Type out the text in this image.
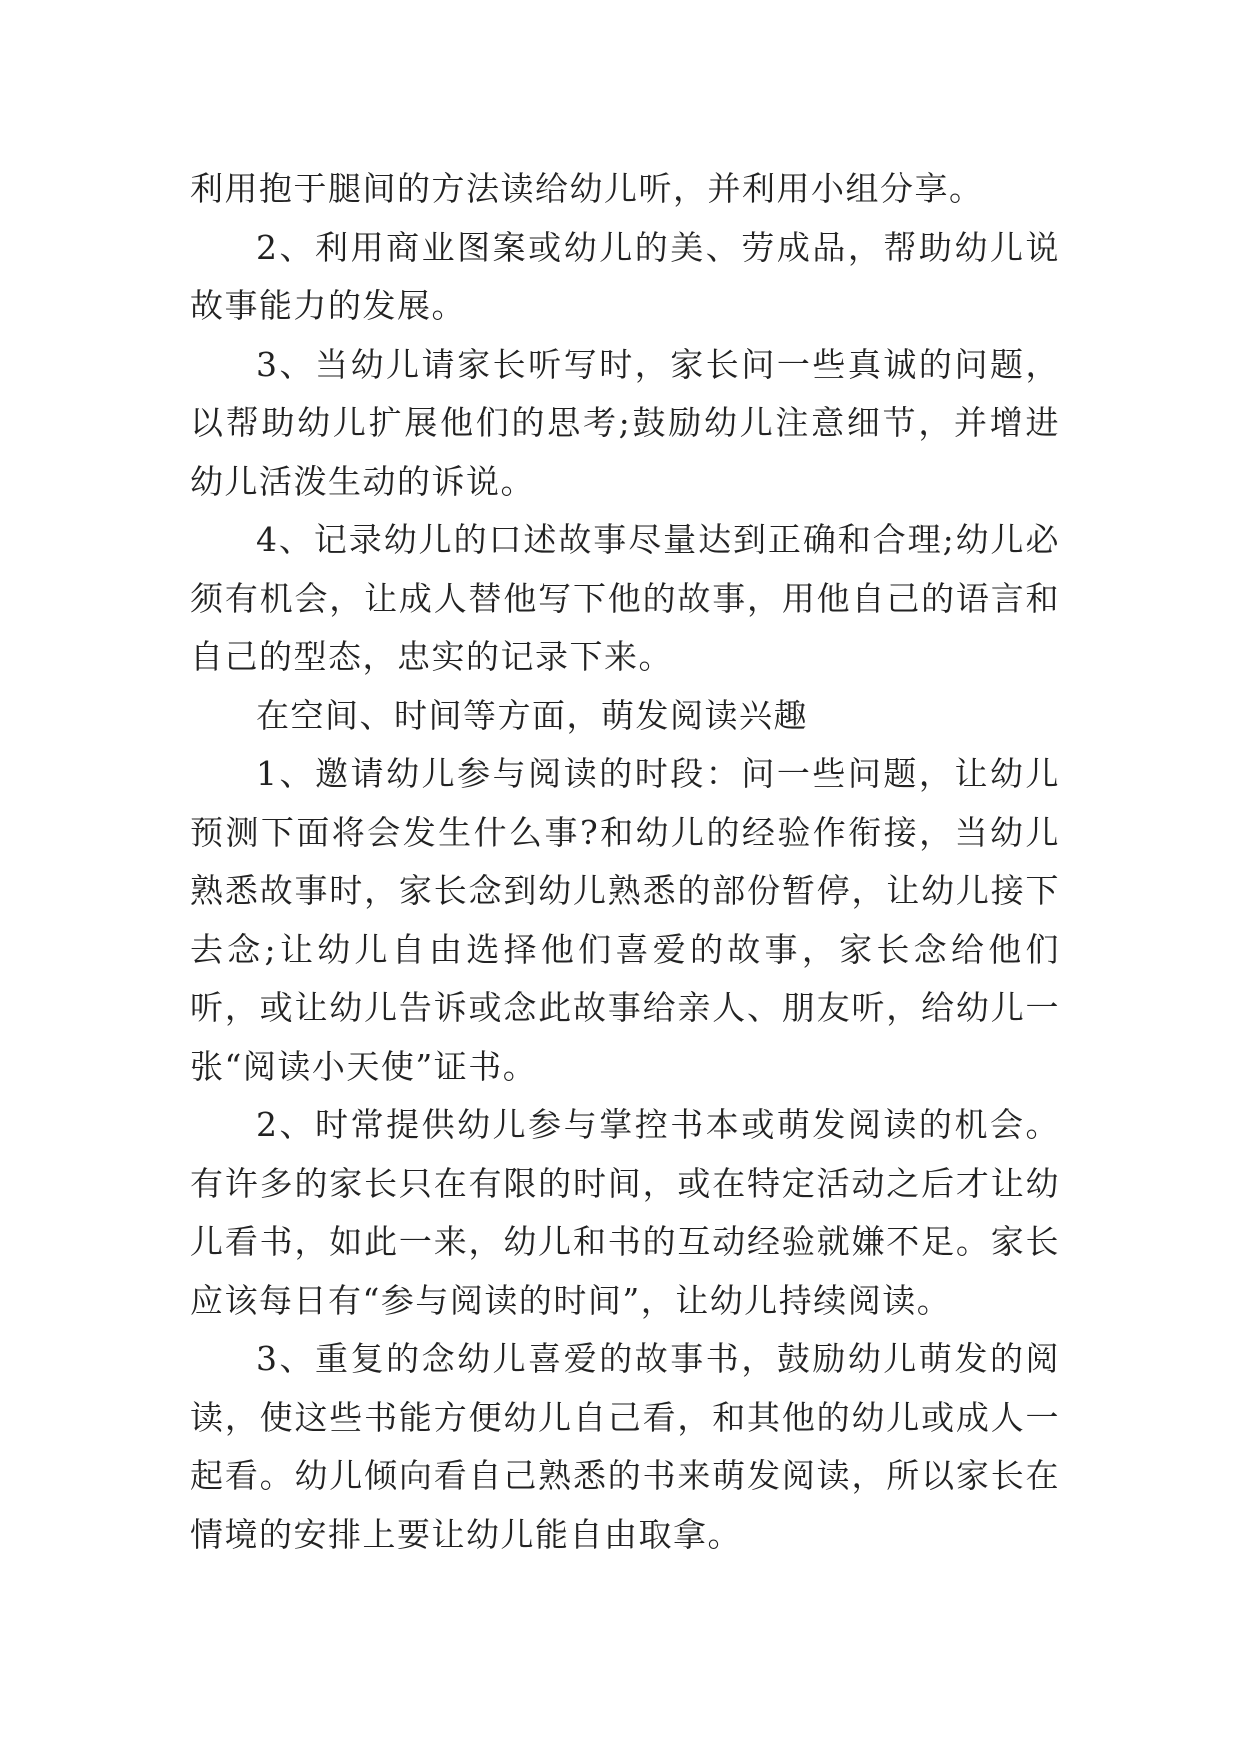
利用抱于腿间的方法读给幼儿听，并利用小组分享。

2、利用商业图案或幼儿的美、劳成品，帮助幼儿说故事能力的发展。

3、当幼儿请家长听写时，家长问一些真诚的问题，以帮助幼儿扩展他们的思考;鼓励幼儿注意细节，并增进幼儿活泼生动的诉说。

4、记录幼儿的口述故事尽量达到正确和合理;幼儿必须有机会，让成人替他写下他的故事，用他自己的语言和自己的型态，忠实的记录下来。

在空间、时间等方面，萌发阅读兴趣

1、邀请幼儿参与阅读的时段：问一些问题，让幼儿预测下面将会发生什么事?和幼儿的经验作衔接，当幼儿熟悉故事时，家长念到幼儿熟悉的部份暂停，让幼儿接下去念;让幼儿自由选择他们喜爱的故事，家长念给他们听，或让幼儿告诉或念此故事给亲人、朋友听，给幼儿一张“阅读小天使”证书。

2、时常提供幼儿参与掌控书本或萌发阅读的机会。有许多的家长只在有限的时间，或在特定活动之后才让幼儿看书，如此一来，幼儿和书的互动经验就嫌不足。家长应该每日有“参与阅读的时间”，让幼儿持续阅读。

3、重复的念幼儿喜爱的故事书，鼓励幼儿萌发的阅读，使这些书能方便幼儿自己看，和其他的幼儿或成人一起看。幼儿倾向看自己熟悉的书来萌发阅读，所以家长在情境的安排上要让幼儿能自由取拿。
